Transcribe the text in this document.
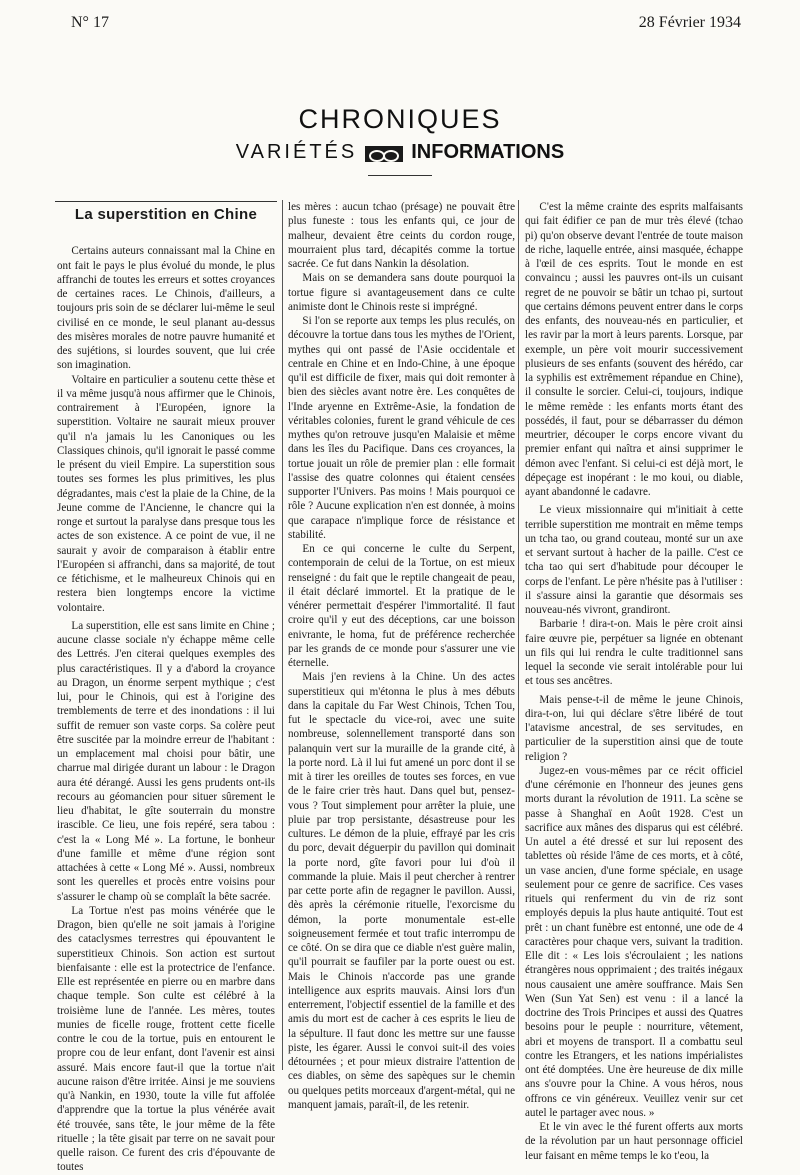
N° 17	28 Février 1934
CHRONIQUES
VARIÉTÉS	INFORMATIONS
La superstition en Chine

Certains auteurs connaissant mal la Chine en ont fait le pays le plus évolué du monde, le plus affranchi de toutes les erreurs et sottes croyances de certaines races. Le Chinois, d'ailleurs, a toujours pris soin de se déclarer lui-même le seul civilisé en ce monde, le seul planant au-dessus des misères morales de notre pauvre humanité et des sujétions, si lourdes souvent, que lui crée son imagination.

Voltaire en particulier a soutenu cette thèse et il va même jusqu'à nous affirmer que le Chinois, contrairement à l'Européen, ignore la superstition. Voltaire ne saurait mieux prouver qu'il n'a jamais lu les Canoniques ou les Classiques chinois, qu'il ignorait le passé comme le présent du vieil Empire. La superstition sous toutes ses formes les plus primitives, les plus dégradantes, mais c'est la plaie de la Chine, de la Jeune comme de l'Ancienne, le chancre qui la ronge et surtout la paralyse dans presque tous les actes de son existence. A ce point de vue, il ne saurait y avoir de comparaison à établir entre l'Européen si affranchi, dans sa majorité, de tout ce fétichisme, et le malheureux Chinois qui en restera bien longtemps encore la victime volontaire.

La superstition, elle est sans limite en Chine ; aucune classe sociale n'y échappe même celle des Lettrés. J'en citerai quelques exemples des plus caractéristiques. Il y a d'abord la croyance au Dragon, un énorme serpent mythique ; c'est lui, pour le Chinois, qui est à l'origine des tremblements de terre et des inondations : il lui suffit de remuer son vaste corps. Sa colère peut être suscitée par la moindre erreur de l'habitant : un emplacement mal choisi pour bâtir, une charrue mal dirigée durant un labour : le Dragon aura été dérangé. Aussi les gens prudents ont-ils recours au géomancien pour situer sûrement le lieu d'habitat, le gîte souterrain du monstre irascible. Ce lieu, une fois repéré, sera tabou : c'est la « Long Mé ». La fortune, le bonheur d'une famille et même d'une région sont attachées à cette « Long Mé ». Aussi, nombreux sont les querelles et procès entre voisins pour s'assurer le champ où se complaît la bête sacrée.

La Tortue n'est pas moins vénérée que le Dragon, bien qu'elle ne soit jamais à l'origine des cataclysmes terrestres qui épouvantent le superstitieux Chinois. Son action est surtout bienfaisante : elle est la protectrice de l'enfance. Elle est représentée en pierre ou en marbre dans chaque temple. Son culte est célébré à la troisième lune de l'année. Les mères, toutes munies de ficelle rouge, frottent cette ficelle contre le cou de la tortue, puis en entourent le propre cou de leur enfant, dont l'avenir est ainsi assuré. Mais encore faut-il que la tortue n'ait aucune raison d'être irritée. Ainsi je me souviens qu'à Nankin, en 1930, toute la ville fut affolée d'apprendre que la tortue la plus vénérée avait été trouvée, sans tête, le jour même de la fête rituelle ; la tête gisait par terre on ne savait pour quelle raison. Ce furent des cris d'épouvante de toutes

les mères : aucun tchao (présage) ne pouvait être plus funeste : tous les enfants qui, ce jour de malheur, devaient être ceints du cordon rouge, mourraient plus tard, décapités comme la tortue sacrée. Ce fut dans Nankin la désolation.

Mais on se demandera sans doute pourquoi la tortue figure si avantageusement dans ce culte animiste dont le Chinois reste si imprégné.

Si l'on se reporte aux temps les plus reculés, on découvre la tortue dans tous les mythes de l'Orient, mythes qui ont passé de l'Asie occidentale et centrale en Chine et en Indo-Chine, à une époque qu'il est difficile de fixer, mais qui doit remonter à bien des siècles avant notre ère. Les conquêtes de l'Inde aryenne en Extrême-Asie, la fondation de véritables colonies, furent le grand véhicule de ces mythes qu'on retrouve jusqu'en Malaisie et même dans les îles du Pacifique. Dans ces croyances, la tortue jouait un rôle de premier plan : elle formait l'assise des quatre colonnes qui étaient censées supporter l'Univers. Pas moins ! Mais pourquoi ce rôle ? Aucune explication n'en est donnée, à moins que carapace n'implique force de résistance et stabilité.

En ce qui concerne le culte du Serpent, contemporain de celui de la Tortue, on est mieux renseigné : du fait que le reptile changeait de peau, il était déclaré immortel. Et la pratique de le vénérer permettait d'espérer l'immortalité. Il faut croire qu'il y eut des déceptions, car une boisson enivrante, le homa, fut de préférence recherchée par les grands de ce monde pour s'assurer une vie éternelle.

Mais j'en reviens à la Chine. Un des actes superstitieux qui m'étonna le plus à mes débuts dans la capitale du Far West Chinois, Tchen Tou, fut le spectacle du vice-roi, avec une suite nombreuse, solennellement transporté dans son palanquin vert sur la muraille de la grande cité, à la porte nord. Là il lui fut amené un porc dont il se mit à tirer les oreilles de toutes ses forces, en vue de le faire crier très haut. Dans quel but, pensez-vous ? Tout simplement pour arrêter la pluie, une pluie par trop persistante, désastreuse pour les cultures. Le démon de la pluie, effrayé par les cris du porc, devait déguerpir du pavillon qui dominait la porte nord, gîte favori pour lui d'où il commande la pluie. Mais il peut chercher à rentrer par cette porte afin de regagner le pavillon. Aussi, dès après la cérémonie rituelle, l'exorcisme du démon, la porte monumentale est-elle soigneusement fermée et tout trafic interrompu de ce côté. On se dira que ce diable n'est guère malin, qu'il pourrait se faufiler par la porte ouest ou est. Mais le Chinois n'accorde pas une grande intelligence aux esprits mauvais. Ainsi lors d'un enterrement, l'objectif essentiel de la famille et des amis du mort est de cacher à ces esprits le lieu de la sépulture. Il faut donc les mettre sur une fausse piste, les égarer. Aussi le convoi suit-il des voies détournées ; et pour mieux distraire l'attention de ces diables, on sème des sapèques sur le chemin ou quelques petits morceaux d'argent-métal, qui ne manquent jamais, paraît-il, de les retenir.

C'est la même crainte des esprits malfaisants qui fait édifier ce pan de mur très élevé (tchao pi) qu'on observe devant l'entrée de toute maison de riche, laquelle entrée, ainsi masquée, échappe à l'œil de ces esprits. Tout le monde en est convaincu ; aussi les pauvres ont-ils un cuisant regret de ne pouvoir se bâtir un tchao pi, surtout que certains démons peuvent entrer dans le corps des enfants, des nouveau-nés en particulier, et les ravir par la mort à leurs parents. Lorsque, par exemple, un père voit mourir successivement plusieurs de ses enfants (souvent des hérédo, car la syphilis est extrêmement répandue en Chine), il consulte le sorcier. Celui-ci, toujours, indique le même remède : les enfants morts étant des possédés, il faut, pour se débarrasser du démon meurtrier, découper le corps encore vivant du premier enfant qui naîtra et ainsi supprimer le démon avec l'enfant. Si celui-ci est déjà mort, le dépeçage est inopérant : le mo koui, ou diable, ayant abandonné le cadavre.

Le vieux missionnaire qui m'initiait à cette terrible superstition me montrait en même temps un tcha tao, ou grand couteau, monté sur un axe et servant surtout à hacher de la paille. C'est ce tcha tao qui sert d'habitude pour découper le corps de l'enfant. Le père n'hésite pas à l'utiliser : il s'assure ainsi la garantie que désormais ses nouveau-nés vivront, grandiront.

Barbarie ! dira-t-on. Mais le père croit ainsi faire œuvre pie, perpétuer sa lignée en obtenant un fils qui lui rendra le culte traditionnel sans lequel la seconde vie serait intolérable pour lui et tous ses ancêtres.

Mais pense-t-il de même le jeune Chinois, dira-t-on, lui qui déclare s'être libéré de tout l'atavisme ancestral, de ses servitudes, en particulier de la superstition ainsi que de toute religion ?

Jugez-en vous-mêmes par ce récit officiel d'une cérémonie en l'honneur des jeunes gens morts durant la révolution de 1911. La scène se passe à Shanghaï en Août 1928. C'est un sacrifice aux mânes des disparus qui est célébré. Un autel a été dressé et sur lui reposent des tablettes où réside l'âme de ces morts, et à côté, un vase ancien, d'une forme spéciale, en usage seulement pour ce genre de sacrifice. Ces vases rituels qui renferment du vin de riz sont employés depuis la plus haute antiquité. Tout est prêt : un chant funèbre est entonné, une ode de 4 caractères pour chaque vers, suivant la tradition. Elle dit : « Les lois s'écroulaient ; les nations étrangères nous opprimaient ; des traités inégaux nous causaient une amère souffrance. Mais Sen Wen (Sun Yat Sen) est venu : il a lancé la doctrine des Trois Principes et aussi des Quatres besoins pour le peuple : nourriture, vêtement, abri et moyens de transport. Il a combattu seul contre les Etrangers, et les nations impérialistes ont été domptées. Une ère heureuse de dix mille ans s'ouvre pour la Chine. A vous héros, nous offrons ce vin généreux. Veuillez venir sur cet autel le partager avec nous. »

Et le vin avec le thé furent offerts aux morts de la révolution par un haut personnage officiel leur faisant en même temps le ko t'eou, la
